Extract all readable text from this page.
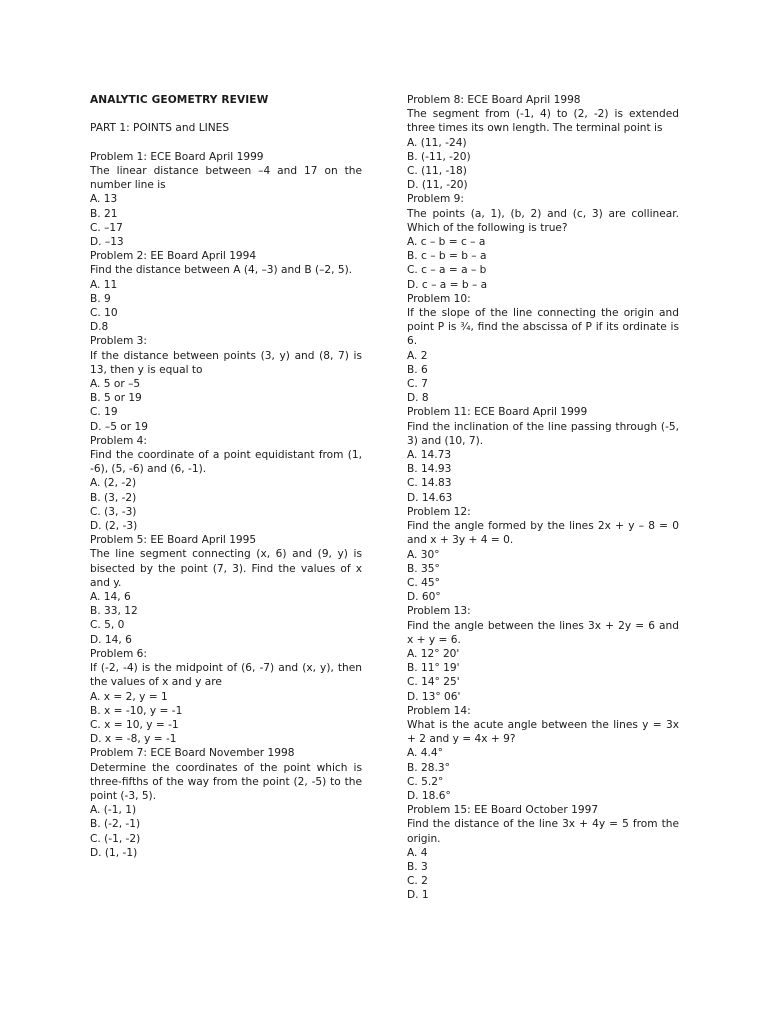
ANALYTIC GEOMETRY REVIEW

PART 1: POINTS and LINES

Problem 1: ECE Board April 1999

The linear distance between –4 and 17 on the number line is

A. 13

B. 21

C. –17

D. –13

Problem 2: EE Board April 1994

Find the distance between A (4, –3) and B (–2, 5).

A. 11

B. 9

C. 10

D.8

Problem 3:

If the distance between points (3, y) and (8, 7) is 13, then y is equal to

A. 5 or –5

B. 5 or 19

C. 19

D. –5 or 19

Problem 4:

Find the coordinate of a point equidistant from (1, -6), (5, -6) and (6, -1).

A. (2, -2)

B. (3, -2)

C. (3, -3)

D. (2, -3)

Problem 5: EE Board April 1995

The line segment connecting (x, 6) and (9, y) is bisected by the point (7, 3). Find the values of x and y.

A. 14, 6

B. 33, 12

C. 5, 0

D. 14, 6

Problem 6:

If (-2, -4) is the midpoint of (6, -7) and (x, y), then the values of x and y are

A. x = 2, y = 1

B. x = -10, y = -1

C. x = 10, y = -1

D. x = -8, y = -1

Problem 7: ECE Board November 1998

Determine the coordinates of the point which is three-fifths of the way from the point (2, -5) to the point (-3, 5).

A. (-1, 1)

B. (-2, -1)

C. (-1, -2)

D. (1, -1)

Problem 8: ECE Board April 1998

The segment from (-1, 4) to (2, -2) is extended three times its own length. The terminal point is

A. (11, -24)

B. (-11, -20)

C. (11, -18)

D. (11, -20)

Problem 9:

The points (a, 1), (b, 2) and (c, 3) are collinear. Which of the following is true?

A. c – b = c – a

B. c – b = b – a

C. c – a = a – b

D. c – a = b – a

Problem 10:

If the slope of the line connecting the origin and point P is ¾, find the abscissa of P if its ordinate is 6.

A. 2

B. 6

C. 7

D. 8

Problem 11: ECE Board April 1999

Find the inclination of the line passing through (-5, 3) and (10, 7).

A. 14.73

B. 14.93

C. 14.83

D. 14.63

Problem 12:

Find the angle formed by the lines 2x + y – 8 = 0 and x + 3y + 4 = 0.

A. 30°

B. 35°

C. 45°

D. 60°

Problem 13:

Find the angle between the lines 3x + 2y = 6 and x + y = 6.

A. 12° 20'

B. 11° 19'

C. 14° 25'

D. 13° 06'

Problem 14:

What is the acute angle between the lines y = 3x + 2 and y = 4x + 9?

A. 4.4°

B. 28.3°

C. 5.2°

D. 18.6°

Problem 15: EE Board October 1997

Find the distance of the line 3x + 4y = 5 from the origin.

A. 4

B. 3

C. 2

D. 1
